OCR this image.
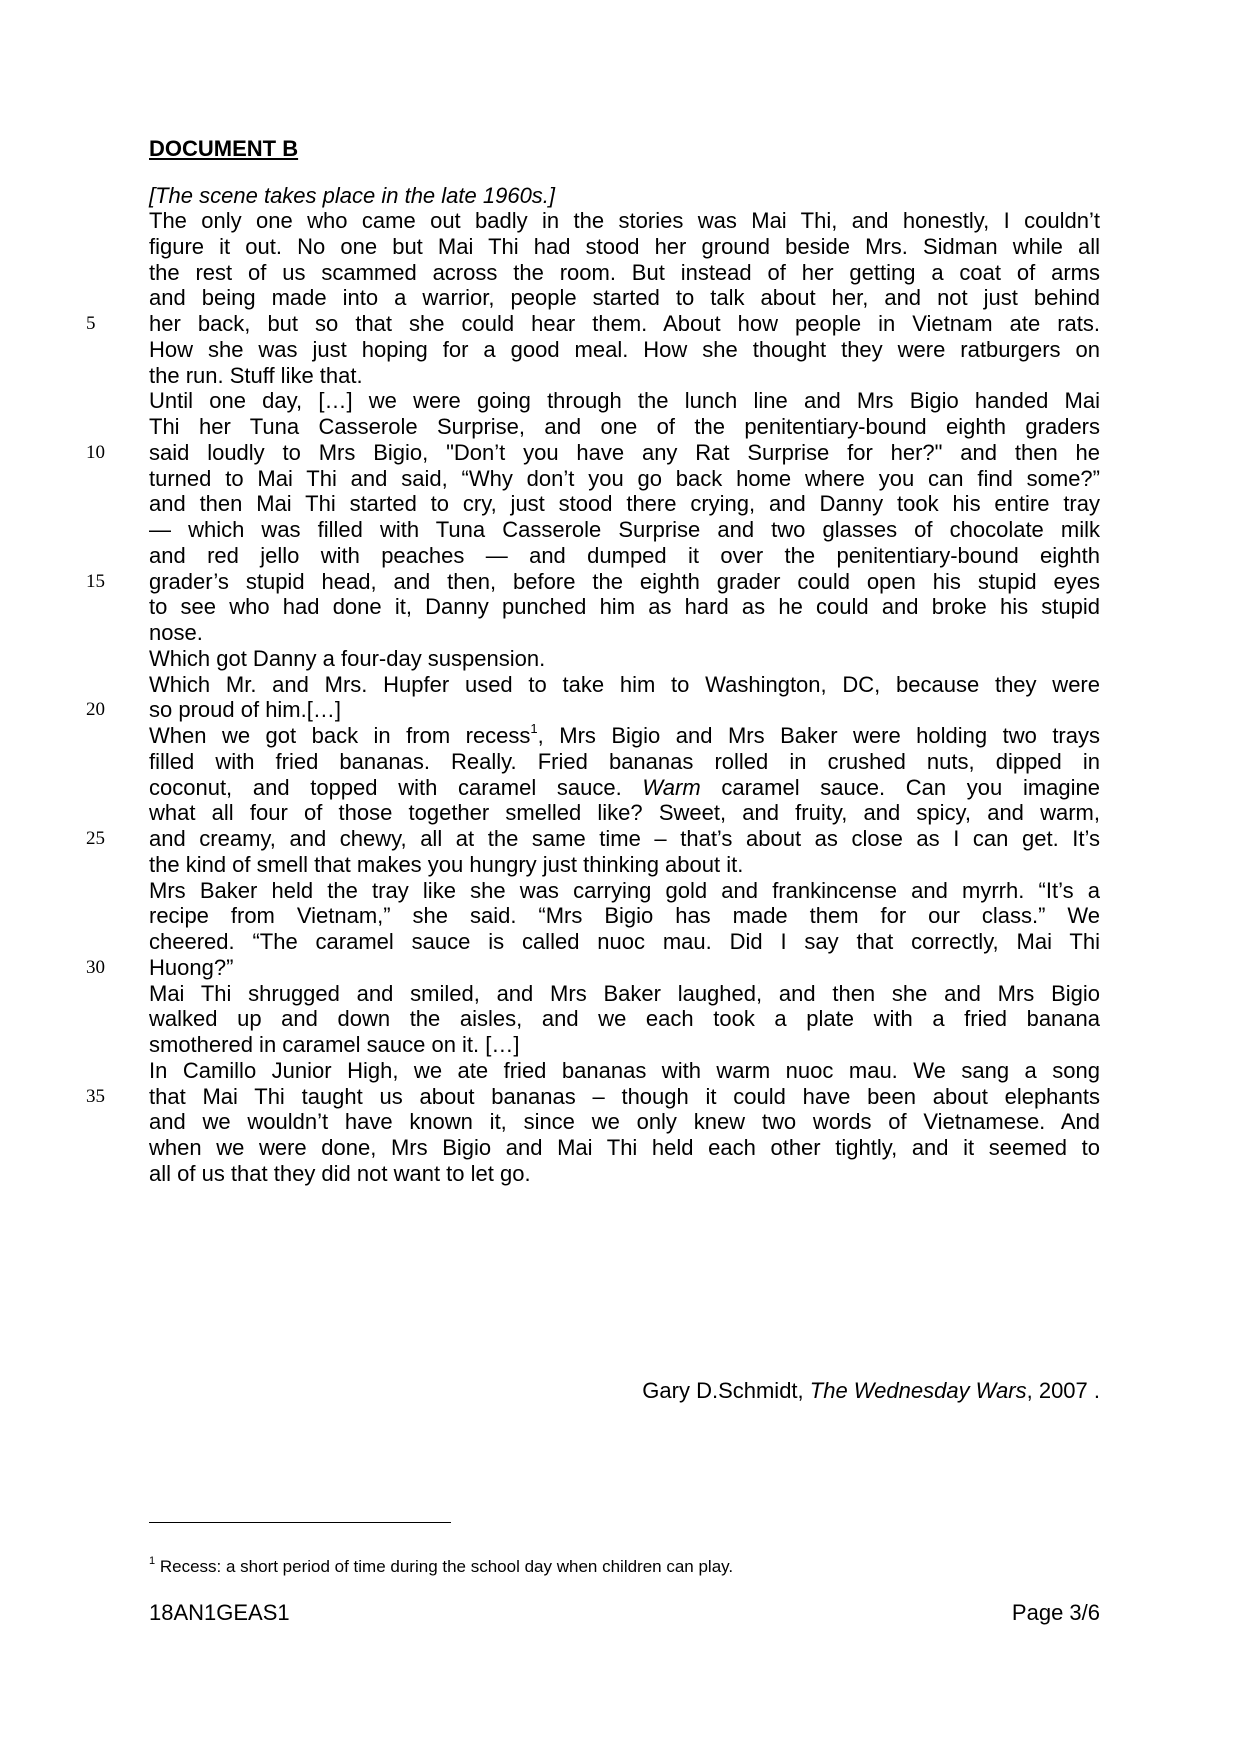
DOCUMENT B
[The scene takes place in the late 1960s.]
The only one who came out badly in the stories was Mai Thi, and honestly, I couldn’t
figure it out. No one but Mai Thi had stood her ground beside Mrs. Sidman while all
the rest of us scammed across the room. But instead of her getting a coat of arms
and being made into a warrior, people started to talk about her, and not just behind
her back, but so that she could hear them. About how people in Vietnam ate rats.
5
How she was just hoping for a good meal. How she thought they were ratburgers on
the run. Stuff like that.
Until one day, […] we were going through the lunch line and Mrs Bigio handed Mai
Thi her Tuna Casserole Surprise, and one of the penitentiary-bound eighth graders
said loudly to Mrs Bigio, "Don’t you have any Rat Surprise for her?" and then he
10
turned to Mai Thi and said, “Why don’t you go back home where you can find some?”
and then Mai Thi started to cry, just stood there crying, and Danny took his entire tray
— which was filled with Tuna Casserole Surprise and two glasses of chocolate milk
and red jello with peaches — and dumped it over the penitentiary-bound eighth
grader’s stupid head, and then, before the eighth grader could open his stupid eyes
15
to see who had done it, Danny punched him as hard as he could and broke his stupid
nose.
Which got Danny a four-day suspension.
Which Mr. and Mrs. Hupfer used to take him to Washington, DC, because they were
so proud of him.[…]
20
When we got back in from recess$^1$, Mrs Bigio and Mrs Baker were holding two trays
filled with fried bananas. Really. Fried bananas rolled in crushed nuts, dipped in
coconut, and topped with caramel sauce. Warm caramel sauce. Can you imagine
what all four of those together smelled like? Sweet, and fruity, and spicy, and warm,
and creamy, and chewy, all at the same time – that’s about as close as I can get. It’s
25
the kind of smell that makes you hungry just thinking about it.
Mrs Baker held the tray like she was carrying gold and frankincense and myrrh. “It’s a
recipe from Vietnam,” she said. “Mrs Bigio has made them for our class.” We
cheered. “The caramel sauce is called nuoc mau. Did I say that correctly, Mai Thi
Huong?”
30
Mai Thi shrugged and smiled, and Mrs Baker laughed, and then she and Mrs Bigio
walked up and down the aisles, and we each took a plate with a fried banana
smothered in caramel sauce on it. […]
In Camillo Junior High, we ate fried bananas with warm nuoc mau. We sang a song
that Mai Thi taught us about bananas – though it could have been about elephants
35
and we wouldn’t have known it, since we only knew two words of Vietnamese. And
when we were done, Mrs Bigio and Mai Thi held each other tightly, and it seemed to
all of us that they did not want to let go.
Gary D.Schmidt, The Wednesday Wars, 2007 .
$^1$ Recess: a short period of time during the school day when children can play.
18AN1GEAS1	Page 3/6
